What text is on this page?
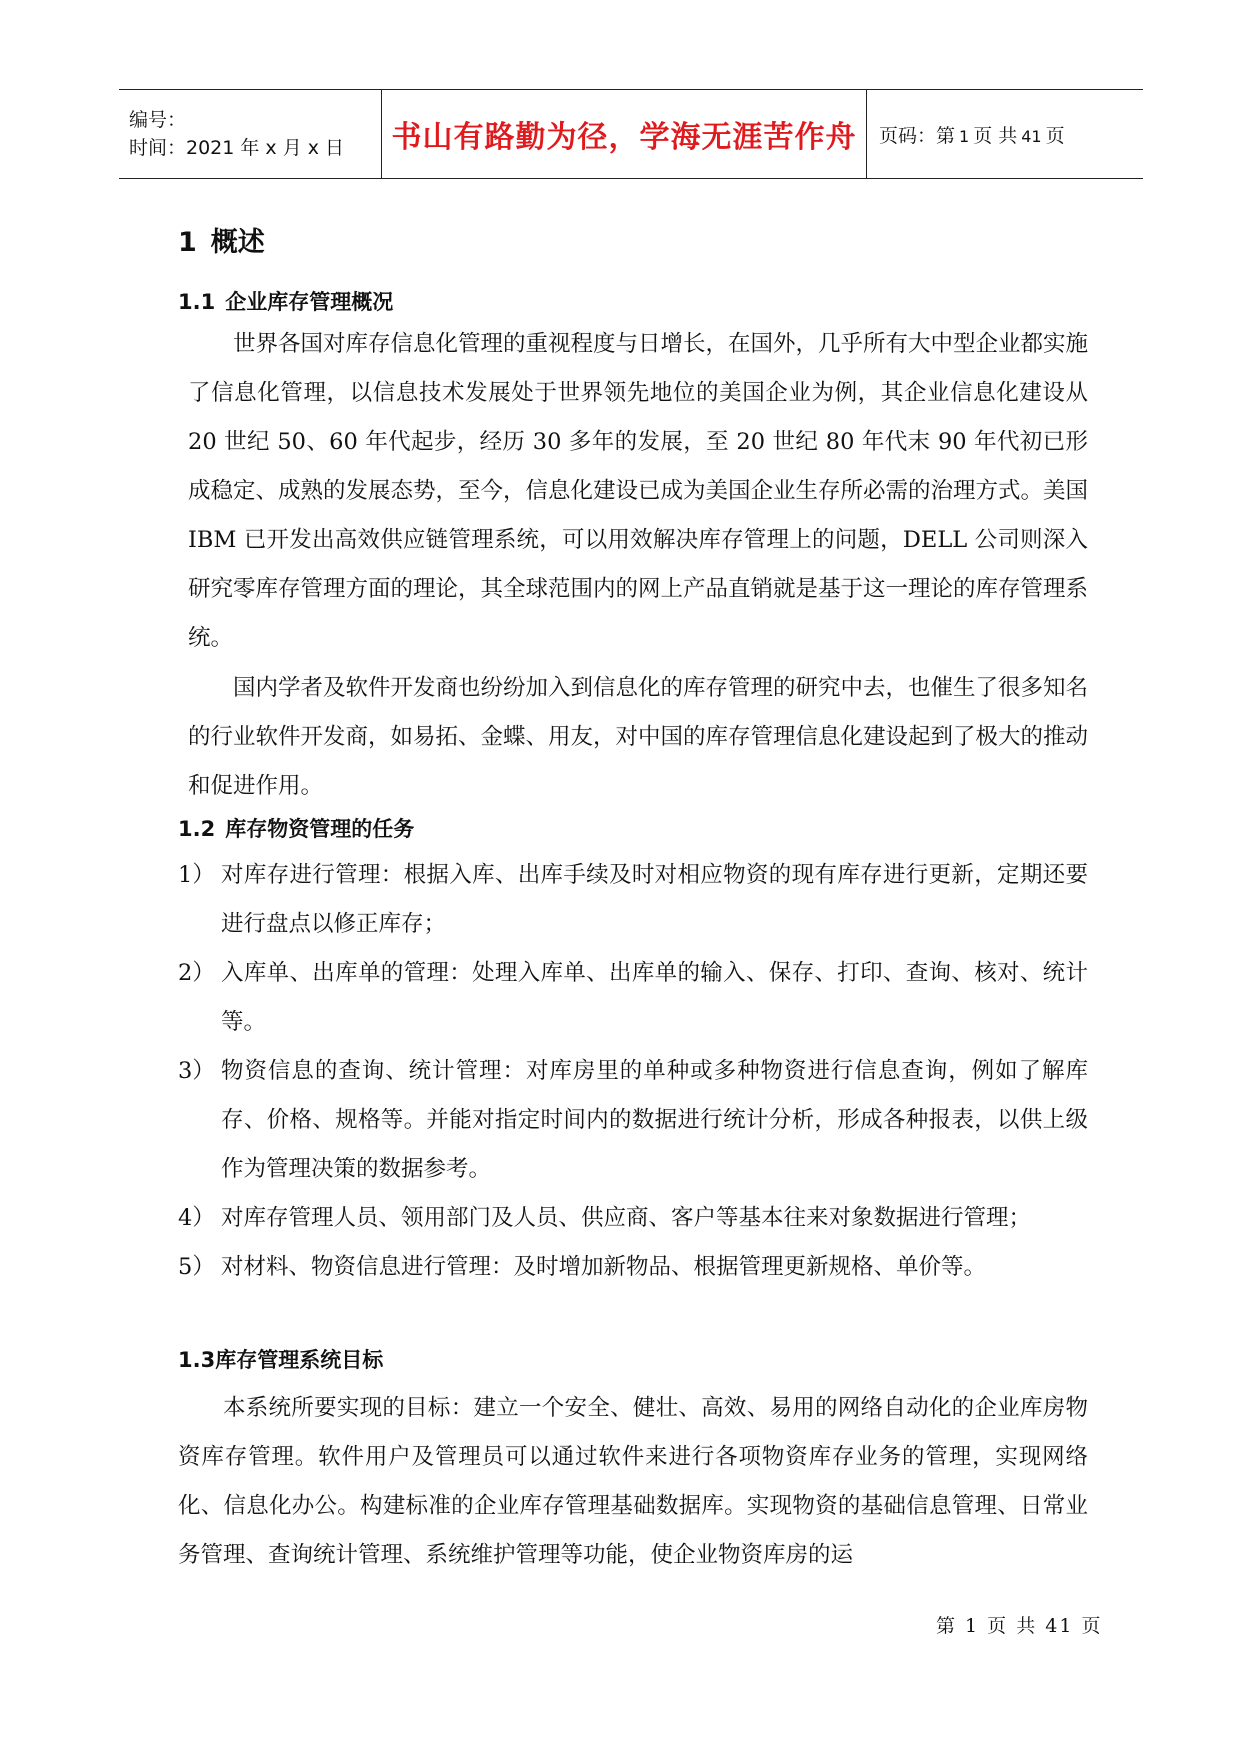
编号：
时间：2021 年 x 月 x 日	书山有路勤为径，学海无涯苦作舟 页码：第 1 页 共 41 页
1 概述
1.1 企业库存管理概况

世界各国对库存信息化管理的重视程度与日增长，在国外，几乎所有大中型企业都实施了信息化管理，以信息技术发展处于世界领先地位的美国企业为例，其企业信息化建设从 20 世纪 50、60 年代起步，经历 30 多年的发展，至 20 世纪 80 年代末 90 年代初已形成稳定、成熟的发展态势，至今，信息化建设已成为美国企业生存所必需的治理方式。美国 IBM 已开发出高效供应链管理系统，可以用效解决库存管理上的问题，DELL 公司则深入研究零库存管理方面的理论，其全球范围内的网上产品直销就是基于这一理论的库存管理系统。

国内学者及软件开发商也纷纷加入到信息化的库存管理的研究中去，也催生了很多知名的行业软件开发商，如易拓、金蝶、用友，对中国的库存管理信息化建设起到了极大的推动和促进作用。

1.2 库存物资管理的任务
1） 对库存进行管理：根据入库、出库手续及时对相应物资的现有库存进行更新，定期还要进行盘点以修正库存；
2） 入库单、出库单的管理：处理入库单、出库单的输入、保存、打印、查询、核对、统计等。
3） 物资信息的查询、统计管理：对库房里的单种或多种物资进行信息查询，例如了解库存、价格、规格等。并能对指定时间内的数据进行统计分析，形成各种报表，以供上级作为管理决策的数据参考。
4） 对库存管理人员、领用部门及人员、供应商、客户等基本往来对象数据进行管理；
5） 对材料、物资信息进行管理：及时增加新物品、根据管理更新规格、单价等。
1.3库存管理系统目标

本系统所要实现的目标：建立一个安全、健壮、高效、易用的网络自动化的企业库房物资库存管理。软件用户及管理员可以通过软件来进行各项物资库存业务的管理，实现网络化、信息化办公。构建标准的企业库存管理基础数据库。实现物资的基础信息管理、日常业务管理、查询统计管理、系统维护管理等功能，使企业物资库房的运

第 1 页 共 41 页
